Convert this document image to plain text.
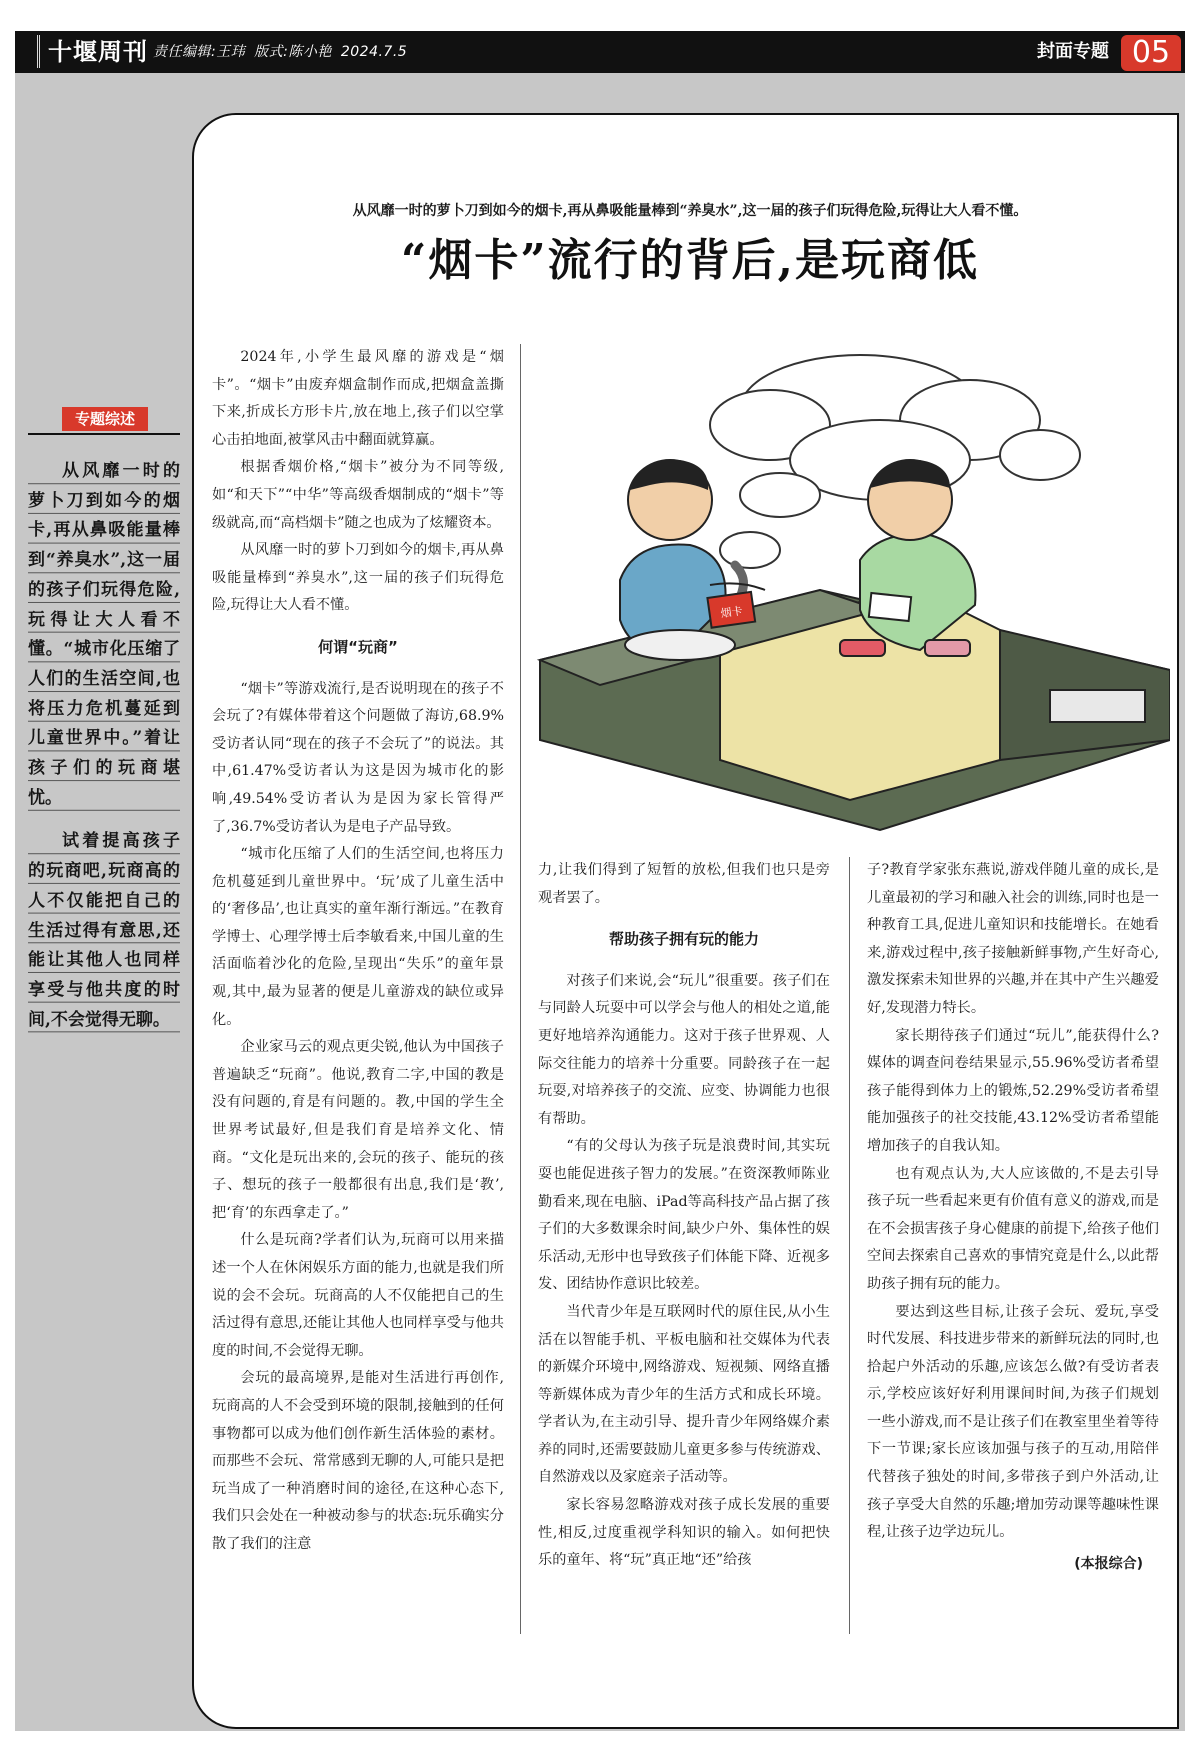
十堰周刊 责任编辑:王玮 版式:陈小艳 2024.7.5	封面专题 05
专题综述

从风靡一时的萝卜刀到如今的烟卡,再从鼻吸能量棒到“养臭水”,这一届的孩子们玩得危险,玩得让大人看不懂。“城市化压缩了人们的生活空间,也将压力危机蔓延到儿童世界中。”着让孩子们的玩商堪忧。

试着提高孩子的玩商吧,玩商高的人不仅能把自己的生活过得有意思,还能让其他人也同样享受与他共度的时间,不会觉得无聊。

从风靡一时的萝卜刀到如今的烟卡,再从鼻吸能量棒到“养臭水”,这一届的孩子们玩得危险,玩得让大人看不懂。
“烟卡”流行的背后,是玩商低

2024年,小学生最风靡的游戏是“烟卡”。“烟卡”由废弃烟盒制作而成,把烟盒盖撕下来,折成长方形卡片,放在地上,孩子们以空掌心击拍地面,被掌风击中翻面就算赢。

根据香烟价格,“烟卡”被分为不同等级,如“和天下”“中华”等高级香烟制成的“烟卡”等级就高,而“高档烟卡”随之也成为了炫耀资本。

从风靡一时的萝卜刀到如今的烟卡,再从鼻吸能量棒到“养臭水”,这一届的孩子们玩得危险,玩得让大人看不懂。

何谓“玩商”

“烟卡”等游戏流行,是否说明现在的孩子不会玩了?有媒体带着这个问题做了海访,68.9%受访者认同“现在的孩子不会玩了”的说法。其中,61.47%受访者认为这是因为城市化的影响,49.54%受访者认为是因为家长管得严了,36.7%受访者认为是电子产品导致。

“城市化压缩了人们的生活空间,也将压力危机蔓延到儿童世界中。‘玩’成了儿童生活中的‘奢侈品’,也让真实的童年渐行渐远。”在教育学博士、心理学博士后李敏看来,中国儿童的生活面临着沙化的危险,呈现出“失乐”的童年景观,其中,最为显著的便是儿童游戏的缺位或异化。

企业家马云的观点更尖锐,他认为中国孩子普遍缺乏“玩商”。他说,教育二字,中国的教是没有问题的,育是有问题的。教,中国的学生全世界考试最好,但是我们育是培养文化、情商。“文化是玩出来的,会玩的孩子、能玩的孩子、想玩的孩子一般都很有出息,我们是‘教’,把‘育’的东西拿走了。”

什么是玩商?学者们认为,玩商可以用来描述一个人在休闲娱乐方面的能力,也就是我们所说的会不会玩。玩商高的人不仅能把自己的生活过得有意思,还能让其他人也同样享受与他共度的时间,不会觉得无聊。

会玩的最高境界,是能对生活进行再创作,玩商高的人不会受到环境的限制,接触到的任何事物都可以成为他们创作新生活体验的素材。而那些不会玩、常常感到无聊的人,可能只是把玩当成了一种消磨时间的途径,在这种心态下,我们只会处在一种被动参与的状态:玩乐确实分散了我们的注意

力,让我们得到了短暂的放松,但我们也只是旁观者罢了。

帮助孩子拥有玩的能力

对孩子们来说,会“玩儿”很重要。孩子们在与同龄人玩耍中可以学会与他人的相处之道,能更好地培养沟通能力。这对于孩子世界观、人际交往能力的培养十分重要。同龄孩子在一起玩耍,对培养孩子的交流、应变、协调能力也很有帮助。

“有的父母认为孩子玩是浪费时间,其实玩耍也能促进孩子智力的发展。”在资深教师陈业勤看来,现在电脑、iPad等高科技产品占据了孩子们的大多数课余时间,缺少户外、集体性的娱乐活动,无形中也导致孩子们体能下降、近视多发、团结协作意识比较差。

当代青少年是互联网时代的原住民,从小生活在以智能手机、平板电脑和社交媒体为代表的新媒介环境中,网络游戏、短视频、网络直播等新媒体成为青少年的生活方式和成长环境。学者认为,在主动引导、提升青少年网络媒介素养的同时,还需要鼓励儿童更多参与传统游戏、自然游戏以及家庭亲子活动等。

家长容易忽略游戏对孩子成长发展的重要性,相反,过度重视学科知识的输入。如何把快乐的童年、将“玩”真正地“还”给孩

子?教育学家张东燕说,游戏伴随儿童的成长,是儿童最初的学习和融入社会的训练,同时也是一种教育工具,促进儿童知识和技能增长。在她看来,游戏过程中,孩子接触新鲜事物,产生好奇心,激发探索未知世界的兴趣,并在其中产生兴趣爱好,发现潜力特长。

家长期待孩子们通过“玩儿”,能获得什么?媒体的调查问卷结果显示,55.96%受访者希望孩子能得到体力上的锻炼,52.29%受访者希望能加强孩子的社交技能,43.12%受访者希望能增加孩子的自我认知。

也有观点认为,大人应该做的,不是去引导孩子玩一些看起来更有价值有意义的游戏,而是在不会损害孩子身心健康的前提下,给孩子他们空间去探索自己喜欢的事情究竟是什么,以此帮助孩子拥有玩的能力。

要达到这些目标,让孩子会玩、爱玩,享受时代发展、科技进步带来的新鲜玩法的同时,也拾起户外活动的乐趣,应该怎么做?有受访者表示,学校应该好好利用课间时间,为孩子们规划一些小游戏,而不是让孩子们在教室里坐着等待下一节课;家长应该加强与孩子的互动,用陪伴代替孩子独处的时间,多带孩子到户外活动,让孩子享受大自然的乐趣;增加劳动课等趣味性课程,让孩子边学边玩儿。

(本报综合)

烟卡
